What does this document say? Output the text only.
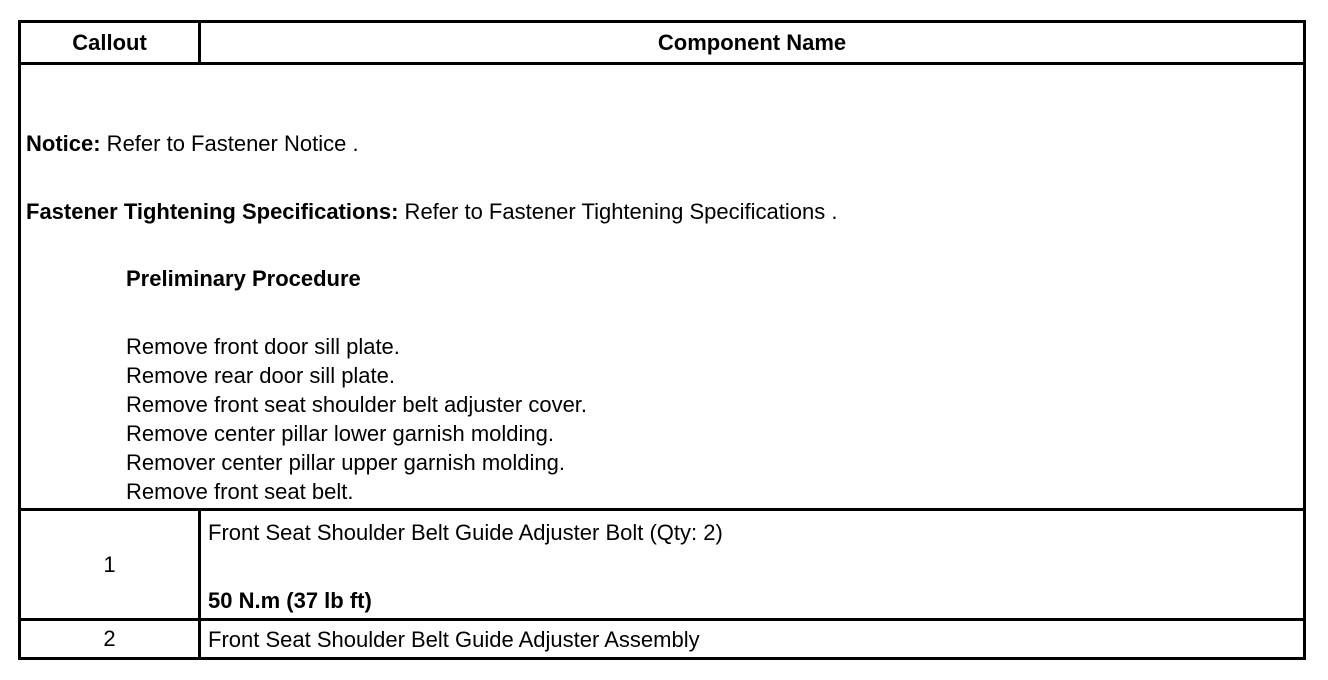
Callout	Component Name
Notice: Refer to Fastener Notice .
Fastener Tightening Specifications: Refer to Fastener Tightening Specifications .
Preliminary Procedure
Remove front door sill plate.
Remove rear door sill plate.
Remove front seat shoulder belt adjuster cover.
Remove center pillar lower garnish molding.
Remover center pillar upper garnish molding.
Remove front seat belt.
1
Front Seat Shoulder Belt Guide Adjuster Bolt (Qty: 2)
50 N.m (37 lb ft)
2	Front Seat Shoulder Belt Guide Adjuster Assembly
